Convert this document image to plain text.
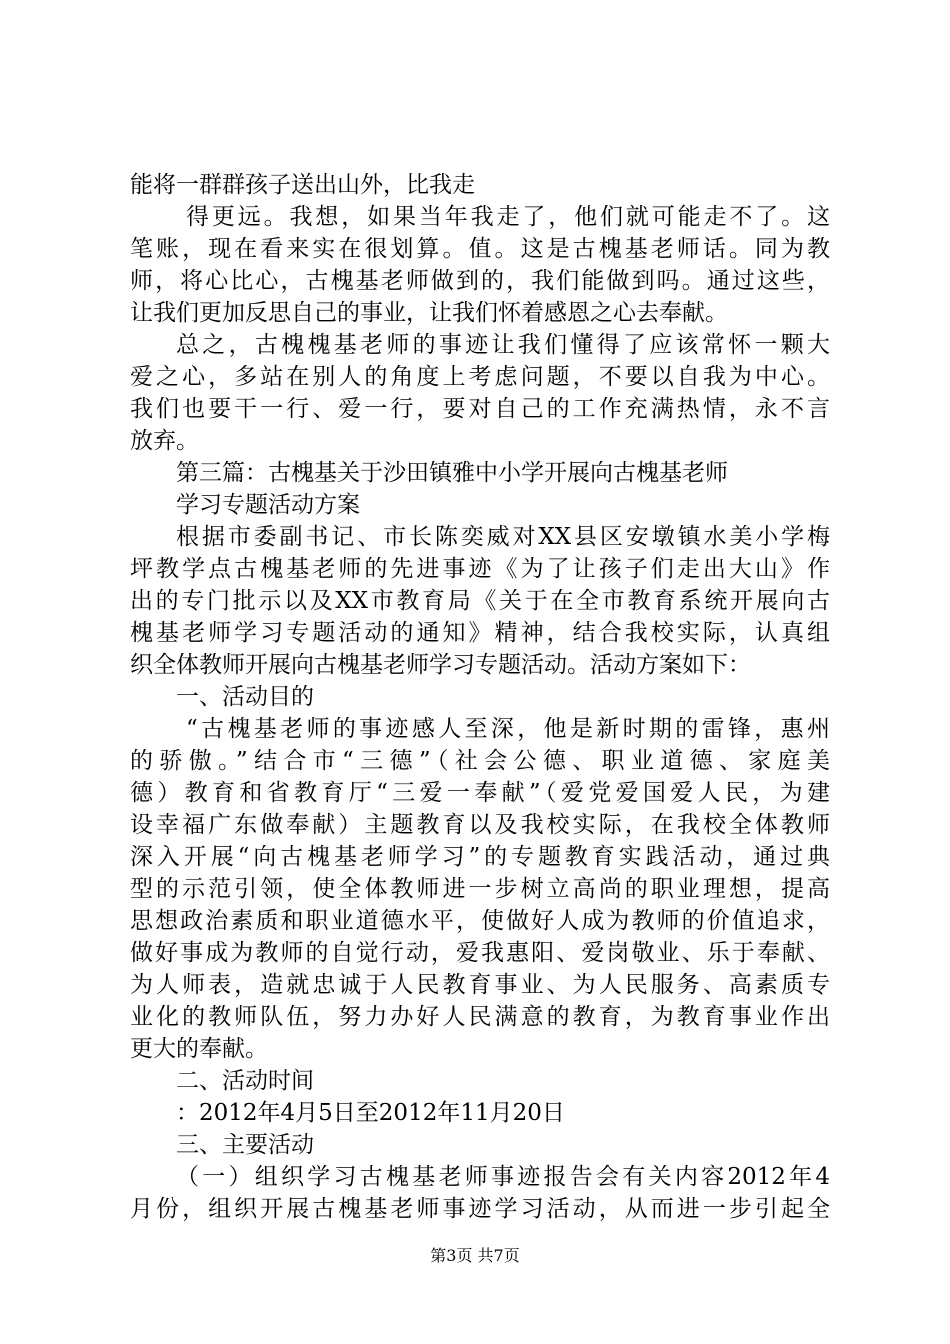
能将一群群孩子送出山外，比我走
得更远。我想，如果当年我走了，他们就可能走不了。这
笔账，现在看来实在很划算。值。这是古槐基老师话。同为教
师，将心比心，古槐基老师做到的，我们能做到吗。通过这些，
让我们更加反思自己的事业，让我们怀着感恩之心去奉献。
总之，古槐槐基老师的事迹让我们懂得了应该常怀一颗大
爱之心，多站在别人的角度上考虑问题，不要以自我为中心。
我们也要干一行、爱一行，要对自己的工作充满热情，永不言
放弃。
第三篇：古槐基关于沙田镇雅中小学开展向古槐基老师
学习专题活动方案
根据市委副书记、市长陈奕威对XX县区安墩镇水美小学梅
坪教学点古槐基老师的先进事迹《为了让孩子们走出大山》作
出的专门批示以及XX市教育局《关于在全市教育系统开展向古
槐基老师学习专题活动的通知》精神，结合我校实际，认真组
织全体教师开展向古槐基老师学习专题活动。活动方案如下：
一、活动目的
“古槐基老师的事迹感人至深，他是新时期的雷锋，惠州
的骄傲。”结合市“三德”（社会公德、职业道德、家庭美
德）教育和省教育厅“三爱一奉献”（爱党爱国爱人民，为建
设幸福广东做奉献）主题教育以及我校实际，在我校全体教师
深入开展“向古槐基老师学习”的专题教育实践活动，通过典
型的示范引领，使全体教师进一步树立高尚的职业理想，提高
思想政治素质和职业道德水平，使做好人成为教师的价值追求，
做好事成为教师的自觉行动，爱我惠阳、爱岗敬业、乐于奉献、
为人师表，造就忠诚于人民教育事业、为人民服务、高素质专
业化的教师队伍，努力办好人民满意的教育，为教育事业作出
更大的奉献。
二、活动时间
：2012年4月5日至2012年11月20日
三、主要活动
（一）组织学习古槐基老师事迹报告会有关内容2012年4
月份，组织开展古槐基老师事迹学习活动，从而进一步引起全
第3页 共7页
